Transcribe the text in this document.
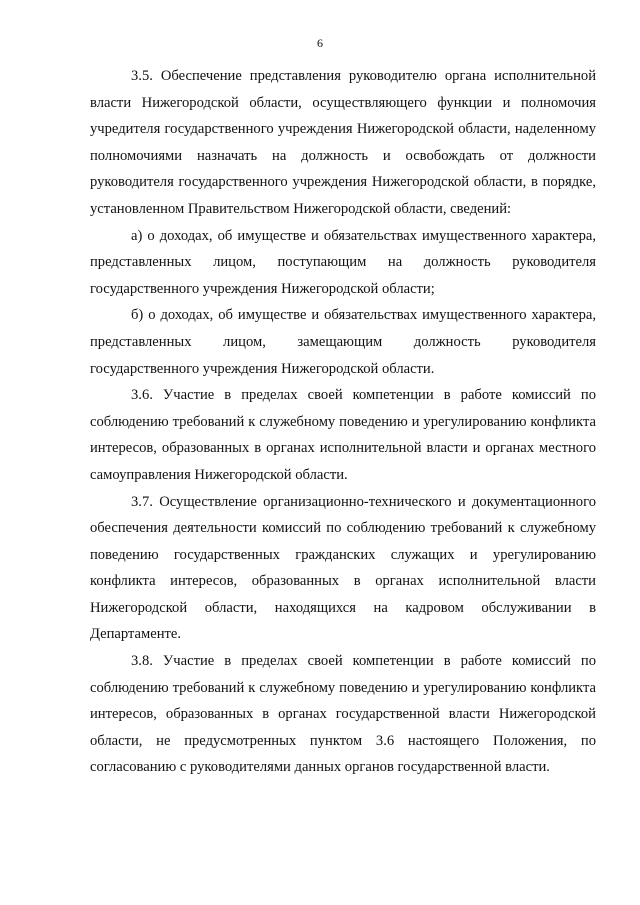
6

3.5. Обеспечение представления руководителю органа исполнительной власти Нижегородской области, осуществляющего функции и полномочия учредителя государственного учреждения Нижегородской области, наделенному полномочиями назначать на должность и освобождать от должности руководителя государственного учреждения Нижегородской области, в порядке, установленном Правительством Нижегородской области, сведений:

а) о доходах, об имуществе и обязательствах имущественного характера, представленных лицом, поступающим на должность руководителя государственного учреждения Нижегородской области;

б) о доходах, об имуществе и обязательствах имущественного характера, представленных лицом, замещающим должность руководителя государственного учреждения Нижегородской области.

3.6. Участие в пределах своей компетенции в работе комиссий по соблюдению требований к служебному поведению и урегулированию конфликта интересов, образованных в органах исполнительной власти и органах местного самоуправления Нижегородской области.

3.7. Осуществление организационно-технического и документационного обеспечения деятельности комиссий по соблюдению требований к служебному поведению государственных гражданских служащих и урегулированию конфликта интересов, образованных в органах исполнительной власти Нижегородской области, находящихся на кадровом обслуживании в Департаменте.

3.8. Участие в пределах своей компетенции в работе комиссий по соблюдению требований к служебному поведению и урегулированию конфликта интересов, образованных в органах государственной власти Нижегородской области, не предусмотренных пунктом 3.6 настоящего Положения, по согласованию с руководителями данных органов государственной власти.
